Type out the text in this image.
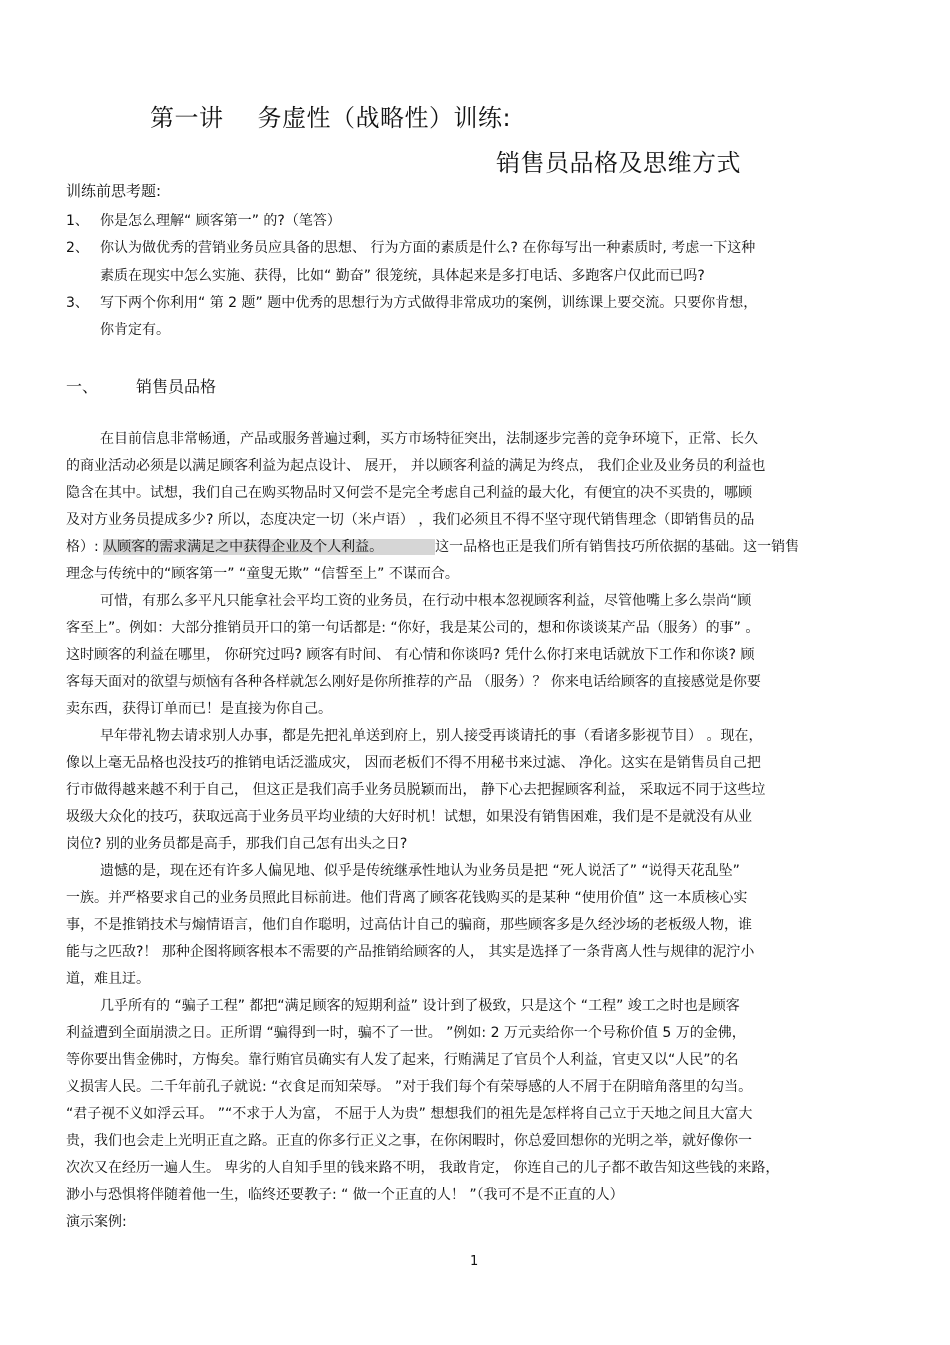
第一讲 务虚性（战略性）训练:
销售员品格及思维方式
训练前思考题:
1、 你是怎么理解“ 顾客第一” 的?（笔答）
2、 你认为做优秀的营销业务员应具备的思想、 行为方面的素质是什么? 在你每写出一种素质时, 考虑一下这种
素质在现实中怎么实施、获得，比如“ 勤奋” 很笼统，具体起来是多打电话、多跑客户仅此而已吗?
3、 写下两个你利用“ 第 2 题” 题中优秀的思想行为方式做得非常成功的案例，训练课上要交流。只要你肯想，
你肯定有。
一、 销售员品格
在目前信息非常畅通，产品或服务普遍过剩，买方市场特征突出，法制逐步完善的竞争环境下，正常、长久
的商业活动必须是以满足顾客利益为起点设计、 展开， 并以顾客利益的满足为终点， 我们企业及业务员的利益也
隐含在其中。试想，我们自己在购买物品时又何尝不是完全考虑自己利益的最大化，有便宜的决不买贵的，哪顾
及对方业务员提成多少? 所以，态度决定一切（米卢语） ，我们必须且不得不坚守现代销售理念（即销售员的品
格）: 从顾客的需求满足之中获得企业及个人利益。	这一品格也正是我们所有销售技巧所依据的基础。这一销售
理念与传统中的“顾客第一” “童叟无欺” “信誓至上” 不谋而合。
可惜，有那么多平凡只能拿社会平均工资的业务员，在行动中根本忽视顾客利益，尽管他嘴上多么崇尚“顾
客至上”。例如：大部分推销员开口的第一句话都是: “你好，我是某公司的，想和你谈谈某产品（服务）的事” 。
这时顾客的利益在哪里， 你研究过吗? 顾客有时间、 有心情和你谈吗? 凭什么你打来电话就放下工作和你谈? 顾
客每天面对的欲望与烦恼有各种各样就怎么刚好是你所推荐的产品 （服务）？ 你来电话给顾客的直接感觉是你要
卖东西，获得订单而已！是直接为你自己。
早年带礼物去请求别人办事，都是先把礼单送到府上，别人接受再谈请托的事（看诸多影视节目） 。现在，
像以上毫无品格也没技巧的推销电话泛滥成灾， 因而老板们不得不用秘书来过滤、 净化。这实在是销售员自己把
行市做得越来越不利于自己， 但这正是我们高手业务员脱颖而出， 静下心去把握顾客利益， 采取远不同于这些垃
圾级大众化的技巧，获取远高于业务员平均业绩的大好时机！试想，如果没有销售困难，我们是不是就没有从业
岗位? 别的业务员都是高手，那我们自己怎有出头之日?
遗憾的是，现在还有许多人偏见地、似乎是传统继承性地认为业务员是把 “死人说活了” “说得天花乱坠”
一族。并严格要求自己的业务员照此目标前进。他们背离了顾客花钱购买的是某种 “使用价值” 这一本质核心实
事，不是推销技术与煽情语言，他们自作聪明，过高估计自己的骗商，那些顾客多是久经沙场的老板级人物，谁
能与之匹敌?！ 那种企图将顾客根本不需要的产品推销给顾客的人， 其实是选择了一条背离人性与规律的泥泞小
道，难且迂。
几乎所有的 “骗子工程” 都把“满足顾客的短期利益” 设计到了极致，只是这个 “工程” 竣工之时也是顾客
利益遭到全面崩溃之日。正所谓 “骗得到一时，骗不了一世。 ”例如: 2 万元卖给你一个号称价值 5 万的金佛，
等你要出售金佛时，方悔矣。靠行贿官员确实有人发了起来，行贿满足了官员个人利益，官吏又以“人民”的名
义损害人民。二千年前孔子就说: “衣食足而知荣辱。 ”对于我们每个有荣辱感的人不屑于在阴暗角落里的勾当。
“君子视不义如浮云耳。 ”“不求于人为富， 不屈于人为贵” 想想我们的祖先是怎样将自己立于天地之间且大富大
贵，我们也会走上光明正直之路。正直的你多行正义之事，在你闲暇时，你总爱回想你的光明之举，就好像你一
次次又在经历一遍人生。 卑劣的人自知手里的钱来路不明， 我敢肯定， 你连自己的儿子都不敢告知这些钱的来路，
渺小与恐惧将伴随着他一生，临终还要教子: “ 做一个正直的人！ ”（我可不是不正直的人）
演示案例:
1
